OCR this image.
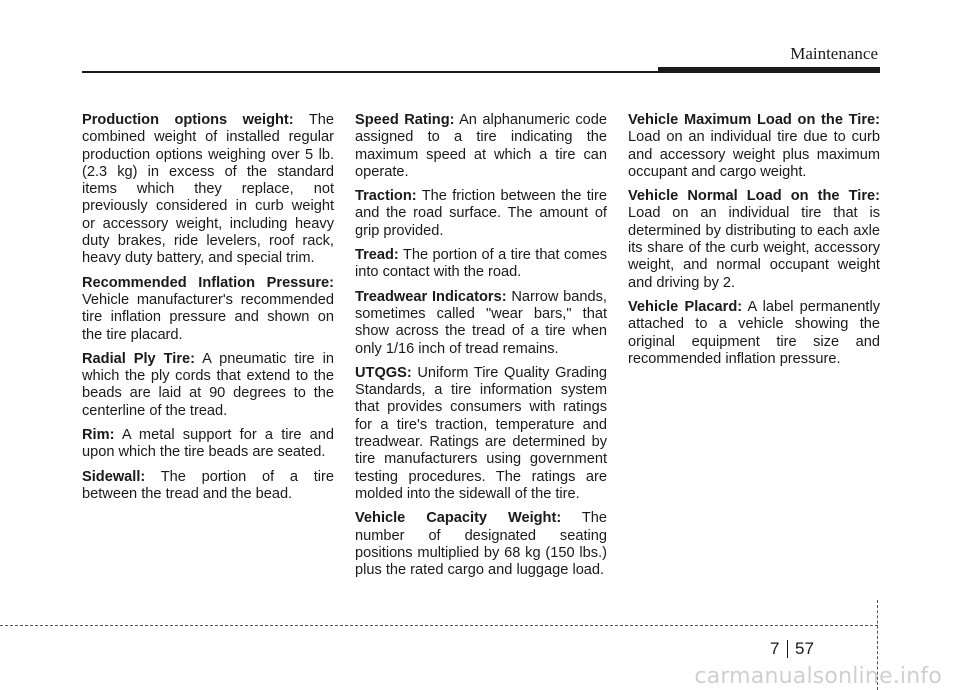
Maintenance

Production options weight: The combined weight of installed regular production options weighing over 5 lb.(2.3 kg) in excess of the standard items which they replace, not previously considered in curb weight or accessory weight, including heavy duty brakes, ride levelers, roof rack, heavy duty battery, and special trim.

Recommended Inflation Pressure: Vehicle manufacturer's recommended tire inflation pressure and shown on the tire placard.

Radial Ply Tire: A pneumatic tire in which the ply cords that extend to the beads are laid at 90 degrees to the centerline of the tread.

Rim: A metal support for a tire and upon which the tire beads are seated.

Sidewall: The portion of a tire between the tread and the bead.

Speed Rating: An alphanumeric code assigned to a tire indicating the maximum speed at which a tire can operate.

Traction: The friction between the tire and the road surface. The amount of grip provided.

Tread: The portion of a tire that comes into contact with the road.

Treadwear Indicators: Narrow bands, sometimes called "wear bars," that show across the tread of a tire when only 1/16 inch of tread remains.

UTQGS: Uniform Tire Quality Grading Standards, a tire information system that provides consumers with ratings for a tire's traction, temperature and treadwear. Ratings are determined by tire manufacturers using government testing procedures. The ratings are molded into the sidewall of the tire.

Vehicle Capacity Weight: The number of designated seating positions multiplied by 68 kg (150 lbs.) plus the rated cargo and luggage load.

Vehicle Maximum Load on the Tire: Load on an individual tire due to curb and accessory weight plus maximum occupant and cargo weight.

Vehicle Normal Load on the Tire: Load on an individual tire that is determined by distributing to each axle its share of the curb weight, accessory weight, and normal occupant weight and driving by 2.

Vehicle Placard: A label permanently attached to a vehicle showing the original equipment tire size and recommended inflation pressure.

7 57
carmanualsonline.info
